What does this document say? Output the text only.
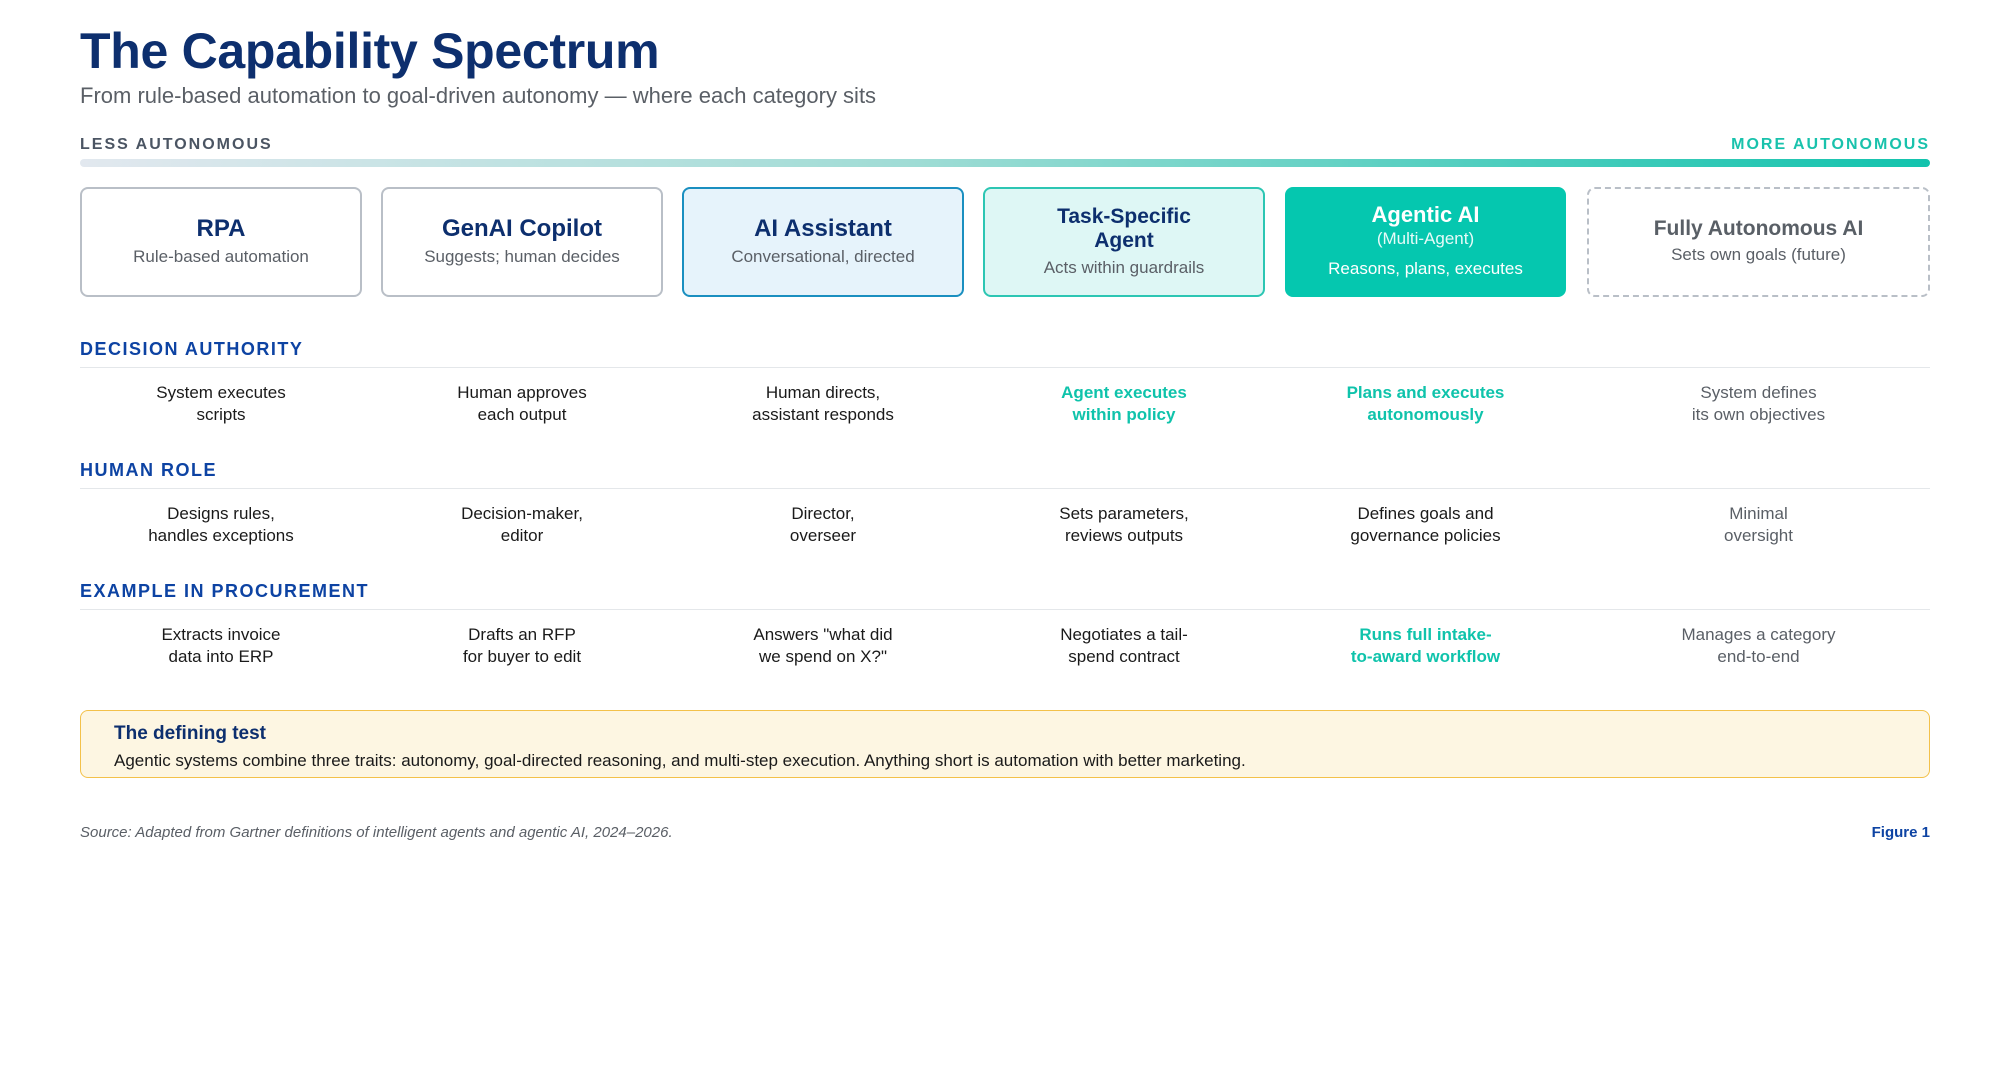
The Capability Spectrum
From rule-based automation to goal-driven autonomy — where each category sits
LESS AUTONOMOUS	MORE AUTONOMOUS
RPA
Rule-based automation
GenAI Copilot
Suggests; human decides
AI Assistant
Conversational, directed
Task-Specific
Agent
Acts within guardrails
Agentic AI
(Multi-Agent)
Reasons, plans, executes
Fully Autonomous AI
Sets own goals (future)
DECISION AUTHORITY
System executes
scripts
Human approves
each output
Human directs,
assistant responds
Agent executes
within policy
Plans and executes
autonomously
System defines
its own objectives
HUMAN ROLE
Designs rules,
handles exceptions
Decision-maker,
editor
Director,
overseer
Sets parameters,
reviews outputs
Defines goals and
governance policies
Minimal
oversight
EXAMPLE IN PROCUREMENT
Extracts invoice
data into ERP
Drafts an RFP
for buyer to edit
Answers "what did
we spend on X?"
Negotiates a tail-
spend contract
Runs full intake-
to-award workflow
Manages a category
end-to-end
The defining test
Agentic systems combine three traits: autonomy, goal-directed reasoning, and multi-step execution. Anything short is automation with better marketing.
Source: Adapted from Gartner definitions of intelligent agents and agentic AI, 2024–2026.	Figure 1
